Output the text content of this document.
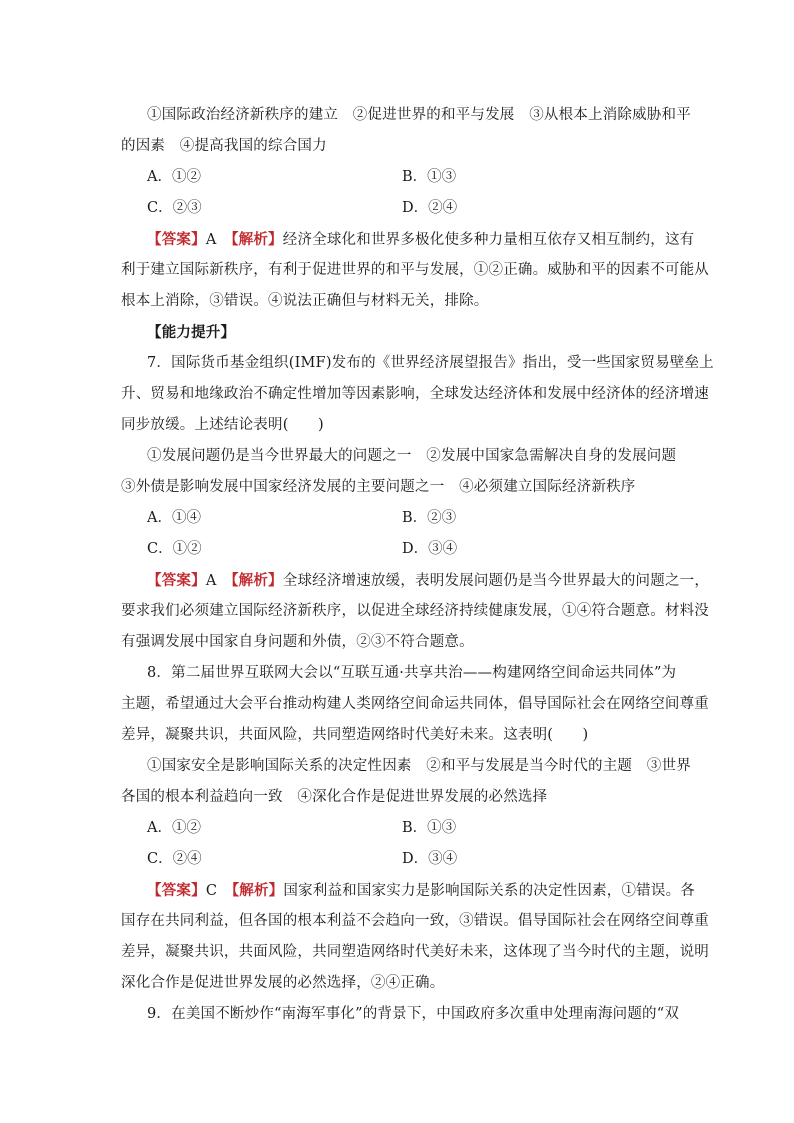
①国际政治经济新秩序的建立　②促进世界的和平与发展　③从根本上消除威胁和平
的因素　④提高我国的综合国力
A．①②	B．①③
C．②③	D．②④
【答案】A　 【解析】经济全球化和世界多极化使多种力量相互依存又相互制约，这有
利于建立国际新秩序，有利于促进世界的和平与发展，①②正确。威胁和平的因素不可能从
根本上消除，③错误。④说法正确但与材料无关，排除。
【能力提升】
7．国际货币基金组织(IMF)发布的《世界经济展望报告》指出，受一些国家贸易壁垒上
升、贸易和地缘政治不确定性增加等因素影响，全球发达经济体和发展中经济体的经济增速
同步放缓。上述结论表明(　　)
①发展问题仍是当今世界最大的问题之一　②发展中国家急需解决自身的发展问题
③外债是影响发展中国家经济发展的主要问题之一　④必须建立国际经济新秩序
A．①④	B．②③
C．①②	D．③④
【答案】A　 【解析】全球经济增速放缓，表明发展问题仍是当今世界最大的问题之一，
要求我们必须建立国际经济新秩序，以促进全球经济持续健康发展，①④符合题意。材料没
有强调发展中国家自身问题和外债，②③不符合题意。
8．第二届世界互联网大会以“互联互通·共享共治——构建网络空间命运共同体”为
主题，希望通过大会平台推动构建人类网络空间命运共同体，倡导国际社会在网络空间尊重
差异，凝聚共识，共面风险，共同塑造网络时代美好未来。这表明(　　)
①国家安全是影响国际关系的决定性因素　②和平与发展是当今时代的主题　③世界
各国的根本利益趋向一致　④深化合作是促进世界发展的必然选择
A．①②	B．①③
C．②④	D．③④
【答案】C　 【解析】国家利益和国家实力是影响国际关系的决定性因素，①错误。各
国存在共同利益，但各国的根本利益不会趋向一致，③错误。倡导国际社会在网络空间尊重
差异，凝聚共识，共面风险，共同塑造网络时代美好未来，这体现了当今时代的主题，说明
深化合作是促进世界发展的必然选择，②④正确。
9．在美国不断炒作“南海军事化”的背景下，中国政府多次重申处理南海问题的“双
